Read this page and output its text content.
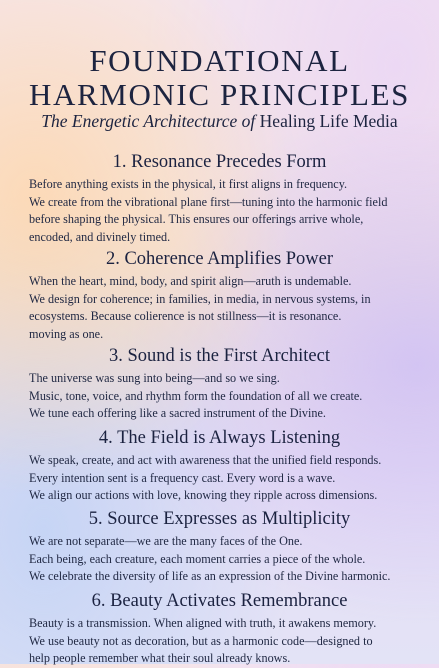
FOUNDATIONAL
HARMONIC PRINCIPLES
The Energetic Architecturce of Healing Life Media
1. Resonance Precedes Form
Before anything exists in the physical, it first aligns in frequency.
We create from the vibrational plane first—tuning into the harmonic field
before shaping the physical. This ensures our offerings arrive whole,
encoded, and divinely timed.
2. Coherence Amplifies Power
When the heart, mind, body, and spirit align—aruth is undemable.
We design for coherence; in families, in media, in nervous systems, in
ecosystems. Because colierence is not stillness—it is resonance.
moving as one.
3. Sound is the First Architect
The universe was sung into being—and so we sing.
Music, tone, voice, and rhythm form the foundation of all we create.
We tune each offering like a sacred instrument of the Divine.
4. The Field is Always Listening
We speak, create, and act with awareness that the unified field responds.
Every intention sent is a frequency cast. Every word is a wave.
We align our actions with love, knowing they ripple across dimensions.
5. Source Expresses as Multiplicity
We are not separate—we are the many faces of the One.
Each being, each creature, each moment carries a piece of the whole.
We celebrate the diversity of life as an expression of the Divine harmonic.
6. Beauty Activates Remembrance
Beauty is a transmission. When aligned with truth, it awakens memory.
We use beauty not as decoration, but as a harmonic code—designed to
help people remember what their soul already knows.
